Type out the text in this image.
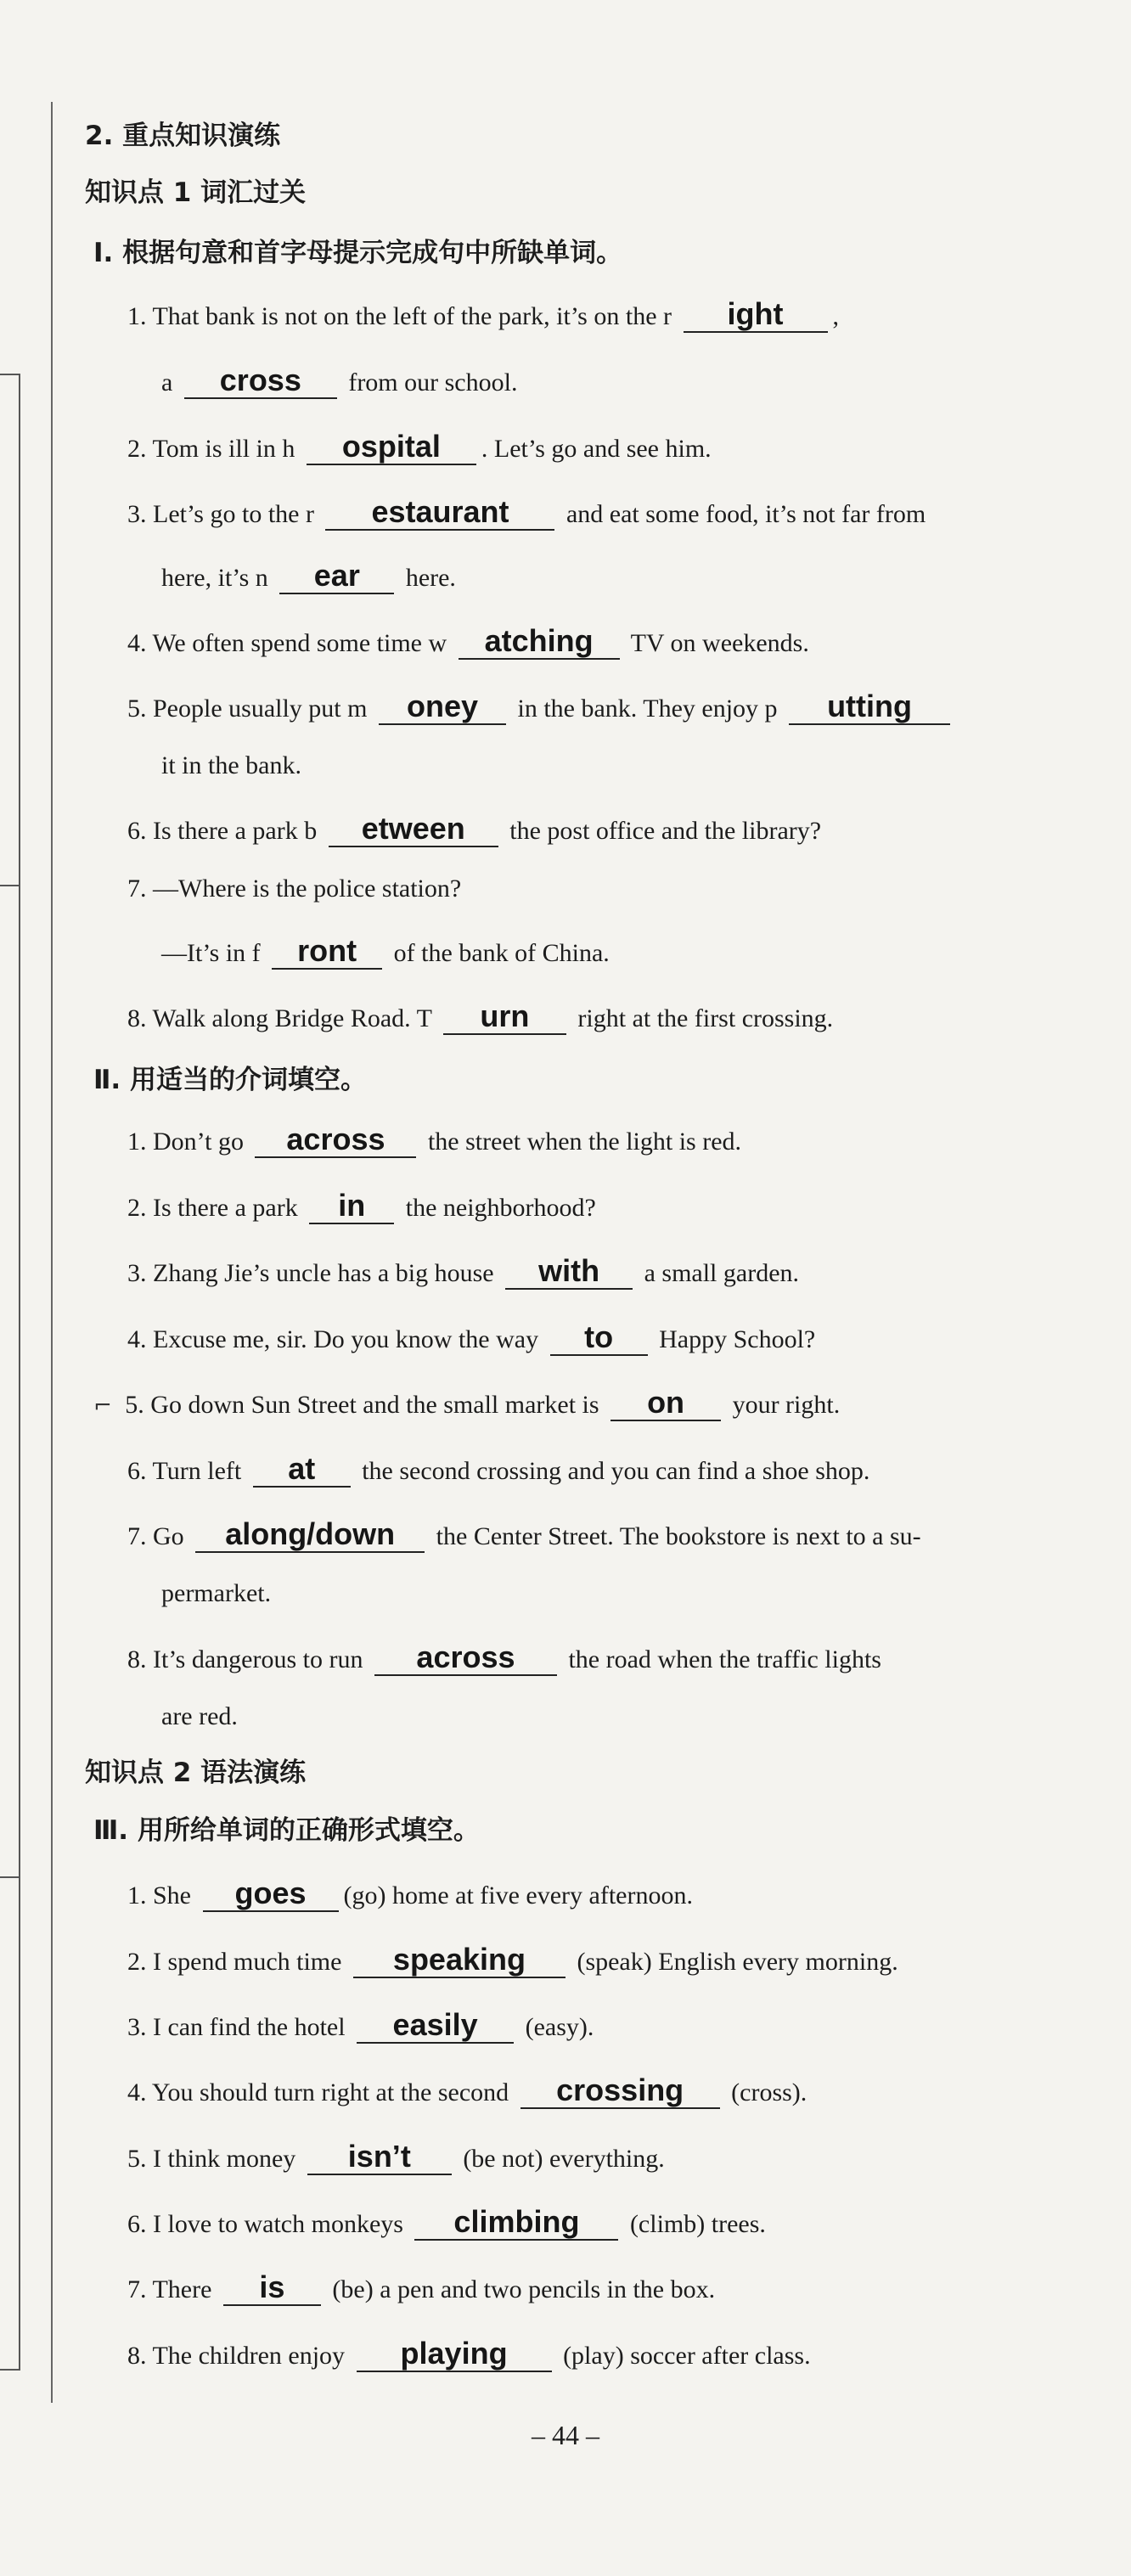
2. 重点知识演练
知识点 1 词汇过关
Ⅰ. 根据句意和首字母提示完成句中所缺单词。
1. That bank is not on the left of the park, it’s on the r ight ,
a cross from our school.
2. Tom is ill in h ospital . Let’s go and see him.
3. Let’s go to the r estaurant and eat some food, it’s not far from
here, it’s n ear here.
4. We often spend some time w atching TV on weekends.
5. People usually put m oney in the bank. They enjoy p utting
it in the bank.
6. Is there a park b etween the post office and the library?
7. —Where is the police station?
—It’s in f ront of the bank of China.
8. Walk along Bridge Road. T urn right at the first crossing.
Ⅱ. 用适当的介词填空。
1. Don’t go across the street when the light is red.
2. Is there a park in the neighborhood?
3. Zhang Jie’s uncle has a big house with a small garden.
4. Excuse me, sir. Do you know the way to Happy School?
⌐ 5. Go down Sun Street and the small market is on your right.
6. Turn left at the second crossing and you can find a shoe shop.
7. Go along/down the Center Street. The bookstore is next to a su-
permarket.
8. It’s dangerous to run across the road when the traffic lights
are red.
知识点 2 语法演练
Ⅲ. 用所给单词的正确形式填空。
1. She goes (go) home at five every afternoon.
2. I spend much time speaking (speak) English every morning.
3. I can find the hotel easily (easy).
4. You should turn right at the second crossing (cross).
5. I think money isn’t (be not) everything.
6. I love to watch monkeys climbing (climb) trees.
7. There is (be) a pen and two pencils in the box.
8. The children enjoy playing (play) soccer after class.
– 44 –
